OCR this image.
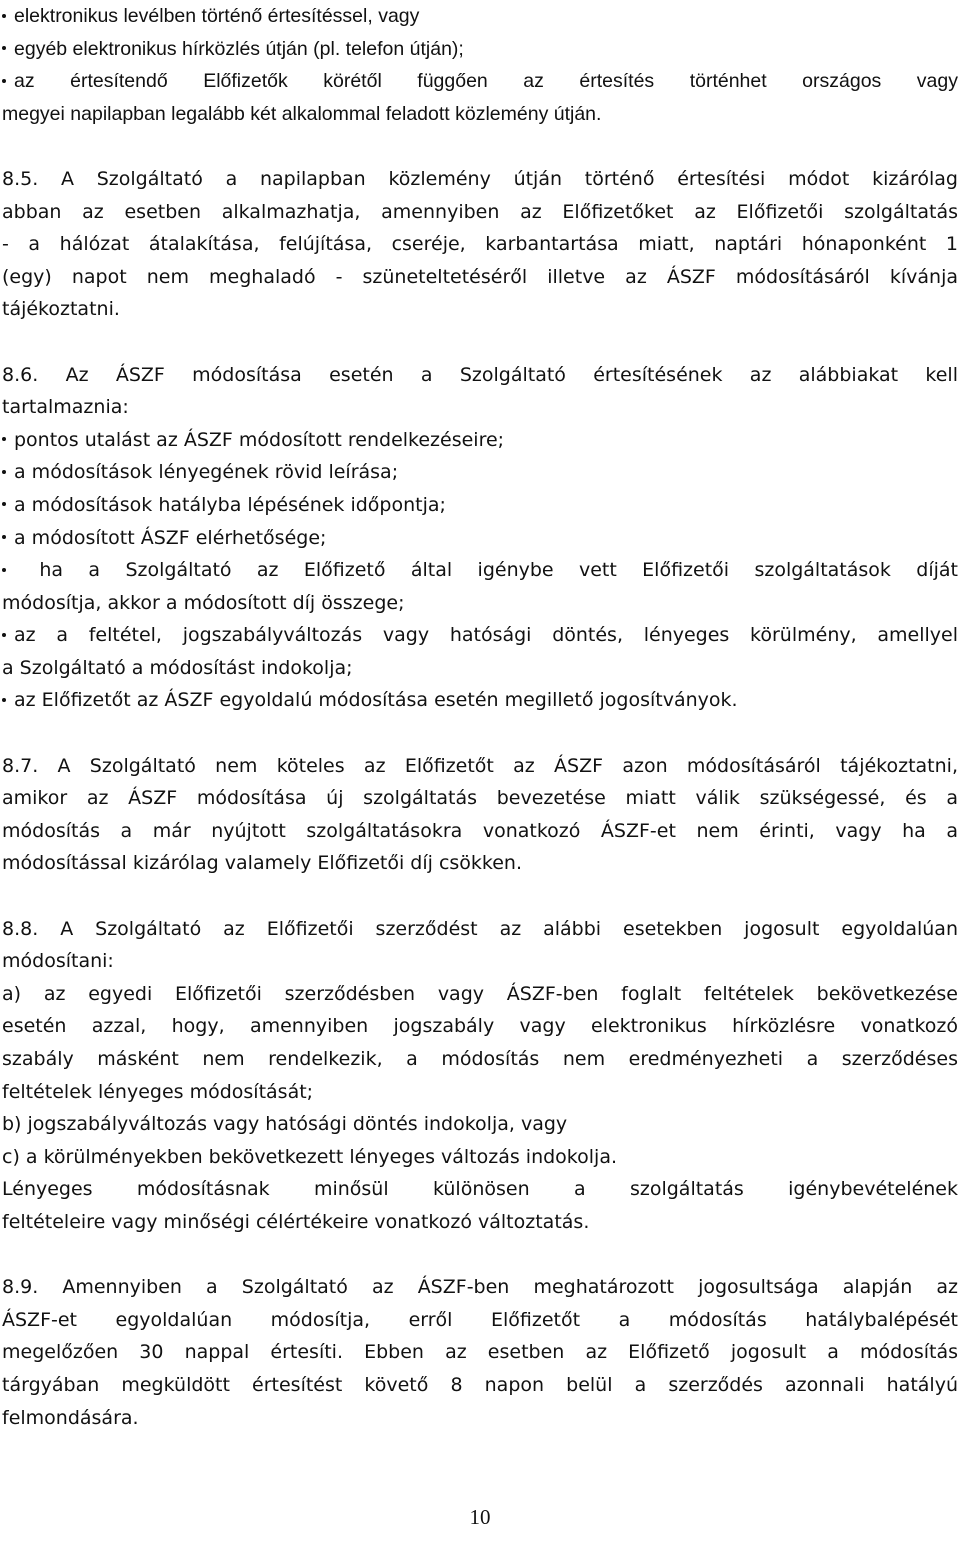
elektronikus levélben történő értesítéssel, vagy
egyéb elektronikus hírközlés útján (pl. telefon útján);
az értesítendő Előfizetők körétől függően az értesítés történhet országos vagy
megyei napilapban legalább két alkalommal feladott közlemény útján.
8.5. A Szolgáltató a napilapban közlemény útján történő értesítési módot kizárólag
abban az esetben alkalmazhatja, amennyiben az Előfizetőket az Előfizetői szolgáltatás
- a hálózat átalakítása, felújítása, cseréje, karbantartása miatt, naptári hónaponként 1
(egy) napot nem meghaladó - szüneteltetéséről illetve az ÁSZF módosításáról kívánja
tájékoztatni.
8.6. Az ÁSZF módosítása esetén a Szolgáltató értesítésének az alábbiakat kell
tartalmaznia:
pontos utalást az ÁSZF módosított rendelkezéseire;
a módosítások lényegének rövid leírása;
a módosítások hatályba lépésének időpontja;
a módosított ÁSZF elérhetősége;
ha a Szolgáltató az Előfizető által igénybe vett Előfizetői szolgáltatások díját
módosítja, akkor a módosított díj összege;
az a feltétel, jogszabályváltozás vagy hatósági döntés, lényeges körülmény, amellyel
a Szolgáltató a módosítást indokolja;
az Előfizetőt az ÁSZF egyoldalú módosítása esetén megillető jogosítványok.
8.7. A Szolgáltató nem köteles az Előfizetőt az ÁSZF azon módosításáról tájékoztatni,
amikor az ÁSZF módosítása új szolgáltatás bevezetése miatt válik szükségessé, és a
módosítás a már nyújtott szolgáltatásokra vonatkozó ÁSZF-et nem érinti, vagy ha a
módosítással kizárólag valamely Előfizetői díj csökken.
8.8. A Szolgáltató az Előfizetői szerződést az alábbi esetekben jogosult egyoldalúan
módosítani:
a) az egyedi Előfizetői szerződésben vagy ÁSZF-ben foglalt feltételek bekövetkezése
esetén azzal, hogy, amennyiben jogszabály vagy elektronikus hírközlésre vonatkozó
szabály másként nem rendelkezik, a módosítás nem eredményezheti a szerződéses
feltételek lényeges módosítását;
b) jogszabályváltozás vagy hatósági döntés indokolja, vagy
c) a körülményekben bekövetkezett lényeges változás indokolja.
Lényeges módosításnak minősül különösen a szolgáltatás igénybevételének
feltételeire vagy minőségi célértékeire vonatkozó változtatás.
8.9. Amennyiben a Szolgáltató az ÁSZF-ben meghatározott jogosultsága alapján az
ÁSZF-et egyoldalúan módosítja, erről Előfizetőt a módosítás hatálybalépését
megelőzően 30 nappal értesíti. Ebben az esetben az Előfizető jogosult a módosítás
tárgyában megküldött értesítést követő 8 napon belül a szerződés azonnali hatályú
felmondására.
10
